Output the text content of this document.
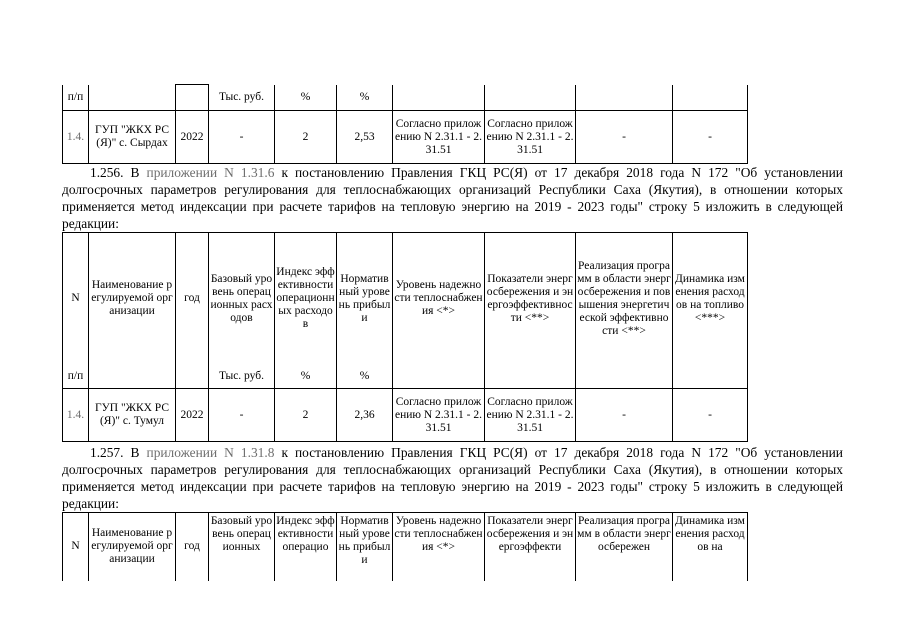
п/п			Тыс. руб.	%	%				
1.4.	ГУП "ЖКХ РС(Я)" с. Сырдах	2022	-	2	2,53	Согласно приложению N 2.31.1 - 2.31.51	Согласно приложению N 2.31.1 - 2.31.51	-	-
1.256. В приложении N 1.31.6 к постановлению Правления ГКЦ РС(Я) от 17 декабря 2018 года N 172 "Об установлении долгосрочных параметров регулирования для теплоснабжающих организаций Республики Саха (Якутия), в отношении которых применяется метод индексации при расчете тарифов на тепловую энергию на 2019 - 2023 годы" строку 5 изложить в следующей редакции:
N	Наименование регулируемой организации	год	Базовый уровень операционных расходов	Индекс эффективности операционных расходов	Нормативный уровень прибыли	Уровень надежности теплоснабжения <*>	Показатели энергосбережения и энергоэффективности <**>	Реализация программ в области энергосбережения и повышения энергетической эффективности <**>	Динамика изменения расходов на топливо <***>
п/п			Тыс. руб.	%	%				
1.4.	ГУП "ЖКХ РС(Я)" с. Тумул	2022	-	2	2,36	Согласно приложению N 2.31.1 - 2.31.51	Согласно приложению N 2.31.1 - 2.31.51	-	-
1.257. В приложении N 1.31.8 к постановлению Правления ГКЦ РС(Я) от 17 декабря 2018 года N 172 "Об установлении долгосрочных параметров регулирования для теплоснабжающих организаций Республики Саха (Якутия), в отношении которых применяется метод индексации при расчете тарифов на тепловую энергию на 2019 - 2023 годы" строку 5 изложить в следующей редакции:
N	Наименование регулируемой организации	год	Базовый уровень операционных	Индекс эффективности операцио	Нормативный уровень прибыли	Уровень надежности теплоснабжения <*>	Показатели энергосбережения и энергоэффекти	Реализация программ в области энергосбережен	Динамика изменения расходов на
